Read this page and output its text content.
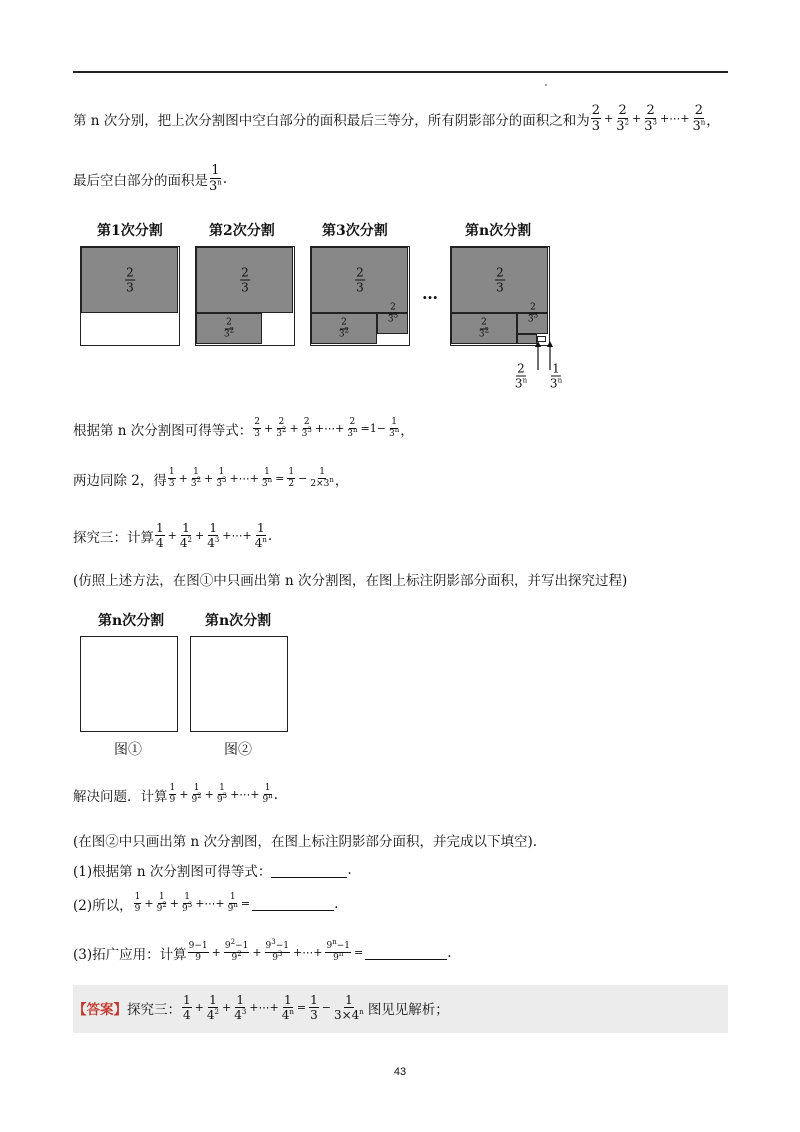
第 n 次分别，把上次分割图中空白部分的面积最后三等分，所有阴影部分的面积之和为 $\frac{2}{3} + \frac{2}{3^2} + \frac{2}{3^3}$ +⋯+ $\frac{2}{3^n}$ ，
最后空白部分的面积是 $\frac{1}{3^n}$ .
第1次分割	第2次分割	第3次分割	第n次分割
$\frac{2}{3}$	$\frac{2}{3}$
$\frac{2}{3^2}$
$\frac{2}{3}$
$\frac{2}{3^2}$
$\frac{2}{3^3}$
…	$\frac{2}{3}$
$\frac{2}{3^2}$
$\frac{2}{3^3}$
$\frac{2}{3^n} \frac{1}{3^n}$
根据第 n 次分割图可得等式： $\frac{2}{3} + \frac{2}{3^2} + \frac{2}{3^3}$ +⋯+ $\frac{2}{3^n} =1- \frac{1}{3^n}$ ，
两边同除 2，得 $\frac{1}{3} + \frac{1}{3^2} + \frac{1}{3^3}$ +⋯+ $\frac{1}{3^n} = \frac{1}{2} - \frac{1}{2\times 3^n}$ ，
探究三：计算 $\frac{1}{4} + \frac{1}{4^2} + \frac{1}{4^3}$ +⋯+ $\frac{1}{4^n}$ .
(仿照上述方法，在图①中只画出第 n 次分割图，在图上标注阴影部分面积，并写出探究过程)
第n次分割	第n次分割
图①	图②
解决问题．计算 $\frac{1}{9} + \frac{1}{9^2} + \frac{1}{9^3}$ +⋯+ $\frac{1}{9^n}$ .
(在图②中只画出第 n 次分割图，在图上标注阴影部分面积，并完成以下填空).
(1)根据第 n 次分割图可得等式：	.
(2)所以， $\frac{1}{9} + \frac{1}{9^2} + \frac{1}{9^3}$ +⋯+ $\frac{1}{9^n}$ =	.
(3)拓广应用：计算 $\frac{9-1}{9} + \frac{9^2-1}{9^2} + \frac{9^3-1}{9^3}$ +⋯+ $\frac{9^n-1}{9^n}$ =	.
【答案】 探究三： $\frac{1}{4} + \frac{1}{4^2} + \frac{1}{4^3}$ +⋯+ $\frac{1}{4^n} = \frac{1}{3} - \frac{1}{3\times 4^n}$ 图见见解析；
43
